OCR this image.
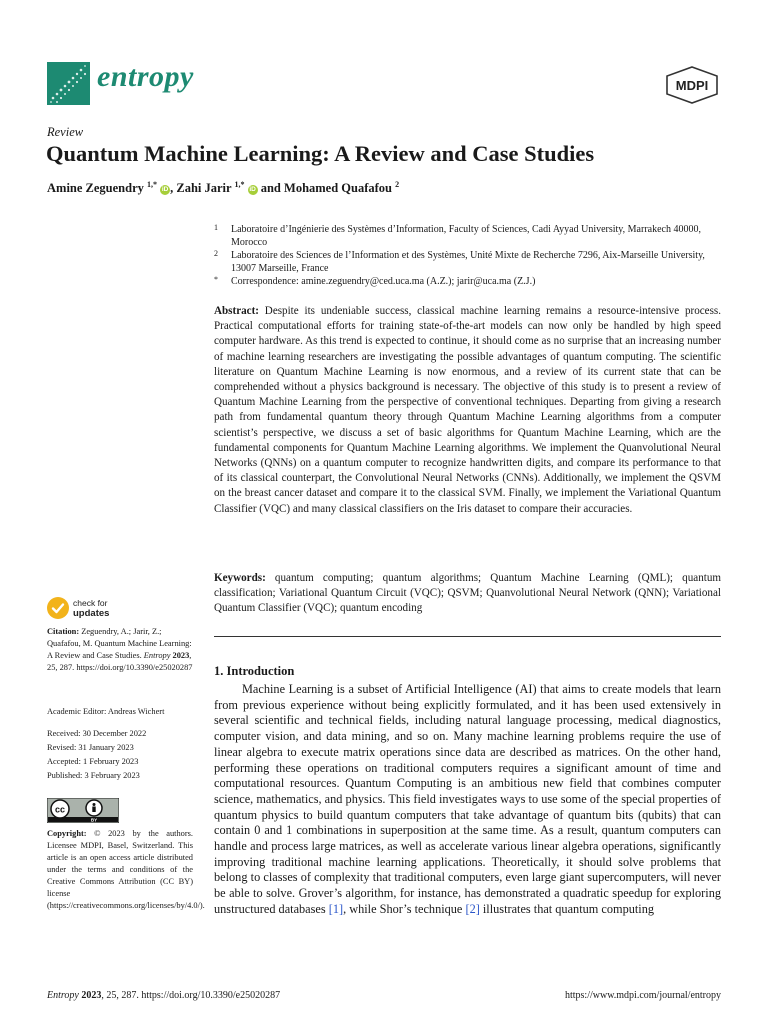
entropy	MDPI
Review
Quantum Machine Learning: A Review and Case Studies
Amine Zeguendry $^{1,*}$ iD , Zahi Jarir $^{1,*}$ iD and Mohamed Quafafou $^2$
1 Laboratoire d’Ingénierie des Systèmes d’Information, Faculty of Sciences, Cadi Ayyad University, Marrakech 40000, Morocco
2 Laboratoire des Sciences de l’Information et des Systèmes, Unité Mixte de Recherche 7296, Aix-Marseille University, 13007 Marseille, France
* Correspondence: amine.zeguendry@ced.uca.ma (A.Z.); jarir@uca.ma (Z.J.)

Abstract: Despite its undeniable success, classical machine learning remains a resource-intensive process. Practical computational efforts for training state-of-the-art models can now only be handled by high speed computer hardware. As this trend is expected to continue, it should come as no surprise that an increasing number of machine learning researchers are investigating the possible advantages of quantum computing. The scientific literature on Quantum Machine Learning is now enormous, and a review of its current state that can be comprehended without a physics background is necessary. The objective of this study is to present a review of Quantum Machine Learning from the perspective of conventional techniques. Departing from giving a research path from fundamental quantum theory through Quantum Machine Learning algorithms from a computer scientist’s perspective, we discuss a set of basic algorithms for Quantum Machine Learning, which are the fundamental components for Quantum Machine Learning algorithms. We implement the Quanvolutional Neural Networks (QNNs) on a quantum computer to recognize handwritten digits, and compare its performance to that of its classical counterpart, the Convolutional Neural Networks (CNNs). Additionally, we implement the QSVM on the breast cancer dataset and compare it to the classical SVM. Finally, we implement the Variational Quantum Classifier (VQC) and many classical classifiers on the Iris dataset to compare their accuracies.

Keywords: quantum computing; quantum algorithms; Quantum Machine Learning (QML); quantum classification; Variational Quantum Circuit (VQC); QSVM; Quanvolutional Neural Network (QNN); Variational Quantum Classifier (VQC); quantum encoding

1. Introduction

Machine Learning is a subset of Artificial Intelligence (AI) that aims to create models that learn from previous experience without being explicitly formulated, and it has been used extensively in several scientific and technical fields, including natural language processing, medical diagnostics, computer vision, and data mining, and so on. Many machine learning problems require the use of linear algebra to execute matrix operations since data are described as matrices. On the other hand, performing these operations on traditional computers requires a significant amount of time and computational resources. Quantum Computing is an ambitious new field that combines computer science, mathematics, and physics. This field investigates ways to use some of the special properties of quantum physics to build quantum computers that take advantage of quantum bits (qubits) that can contain 0 and 1 combinations in superposition at the same time. As a result, quantum computers can handle and process large matrices, as well as accelerate various linear algebra operations, significantly improving traditional machine learning applications. Theoretically, it should solve problems that belong to classes of complexity that traditional computers, even large giant supercomputers, will never be able to solve. Grover’s algorithm, for instance, has demonstrated a quadratic speedup for exploring unstructured databases [1], while Shor’s technique [2] illustrates that quantum computing

check for
updates
Citation: Zeguendry, A.; Jarir, Z.; Quafafou, M. Quantum Machine Learning: A Review and Case Studies. Entropy 2023, 25, 287. https://doi.org/10.3390/e25020287
Academic Editor: Andreas Wichert
Received: 30 December 2022
Revised: 31 January 2023
Accepted: 1 February 2023
Published: 3 February 2023
cc
BY
Copyright: © 2023 by the authors. Licensee MDPI, Basel, Switzerland. This article is an open access article distributed under the terms and conditions of the Creative Commons Attribution (CC BY) license (https://creativecommons.org/licenses/by/4.0/).
Entropy 2023, 25, 287. https://doi.org/10.3390/e25020287	https://www.mdpi.com/journal/entropy
